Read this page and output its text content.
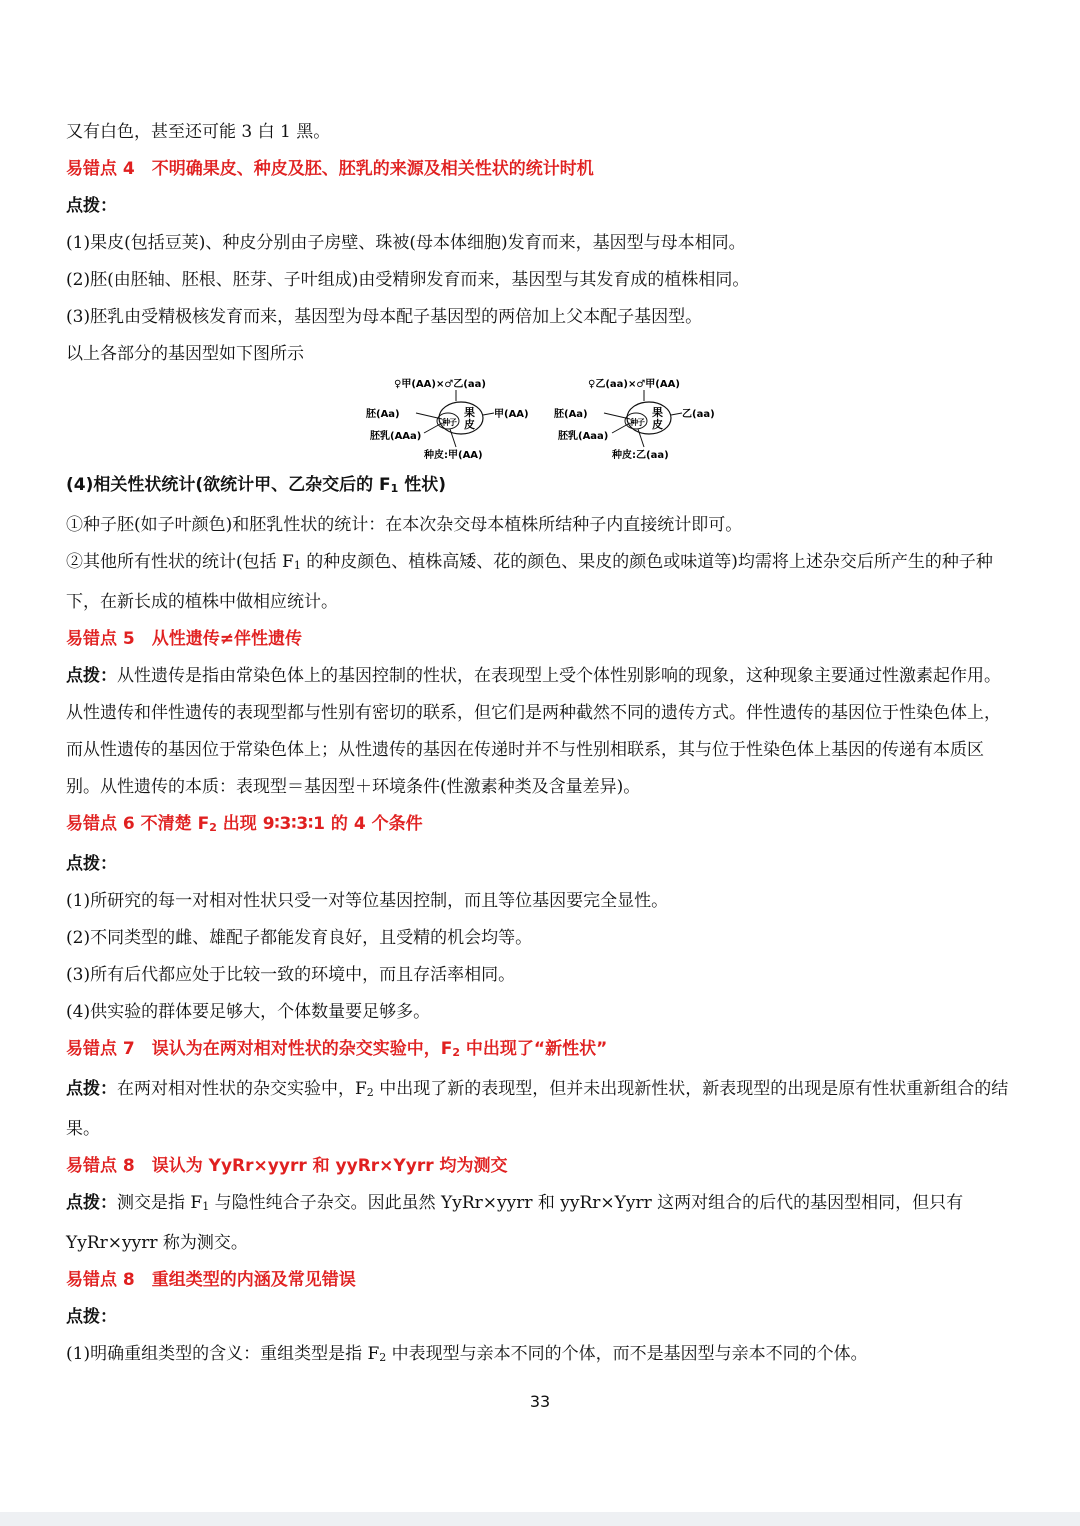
又有白色，甚至还可能 3 白 1 黑。

易错点 4　不明确果皮、种皮及胚、胚乳的来源及相关性状的统计时机

点拨：

(1)果皮(包括豆荚)、种皮分别由子房壁、珠被(母本体细胞)发育而来，基因型与母本相同。

(2)胚(由胚轴、胚根、胚芽、子叶组成)由受精卵发育而来，基因型与其发育成的植株相同。

(3)胚乳由受精极核发育而来，基因型为母本配子基因型的两倍加上父本配子基因型。

以上各部分的基因型如下图所示

♀甲(AA)×♂乙(aa)
种 子
果
皮
胚(Aa)
胚乳(AAa)
甲(AA)
种皮:甲(AA)
♀乙(aa)×♂甲(AA)
种 子
果
皮
胚(Aa)
胚乳(Aaa)
乙(aa)
种皮:乙(aa)

(4)相关性状统计(欲统计甲、乙杂交后的 F1 性状)

①种子胚(如子叶颜色)和胚乳性状的统计：在本次杂交母本植株所结种子内直接统计即可。

②其他所有性状的统计(包括 F1 的种皮颜色、植株高矮、花的颜色、果皮的颜色或味道等)均需将上述杂交后所产生的种子种下，在新长成的植株中做相应统计。

易错点 5　从性遗传≠伴性遗传

点拨：从性遗传是指由常染色体上的基因控制的性状，在表现型上受个体性别影响的现象，这种现象主要通过性激素起作用。从性遗传和伴性遗传的表现型都与性别有密切的联系，但它们是两种截然不同的遗传方式。伴性遗传的基因位于性染色体上，而从性遗传的基因位于常染色体上；从性遗传的基因在传递时并不与性别相联系，其与位于性染色体上基因的传递有本质区别。从性遗传的本质：表现型＝基因型＋环境条件(性激素种类及含量差异)。

易错点 6 不清楚 F2 出现 9∶3∶3∶1 的 4 个条件

点拨：

(1)所研究的每一对相对性状只受一对等位基因控制，而且等位基因要完全显性。

(2)不同类型的雌、雄配子都能发育良好，且受精的机会均等。

(3)所有后代都应处于比较一致的环境中，而且存活率相同。

(4)供实验的群体要足够大，个体数量要足够多。

易错点 7　误认为在两对相对性状的杂交实验中，F2 中出现了“新性状”

点拨：在两对相对性状的杂交实验中，F2 中出现了新的表现型，但并未出现新性状，新表现型的出现是原有性状重新组合的结果。

易错点 8　误认为 YyRr×yyrr 和 yyRr×Yyrr 均为测交

点拨：测交是指 F1 与隐性纯合子杂交。因此虽然 YyRr×yyrr 和 yyRr×Yyrr 这两对组合的后代的基因型相同，但只有 YyRr×yyrr 称为测交。

易错点 8　重组类型的内涵及常见错误

点拨：

(1)明确重组类型的含义：重组类型是指 F2 中表现型与亲本不同的个体，而不是基因型与亲本不同的个体。

33
